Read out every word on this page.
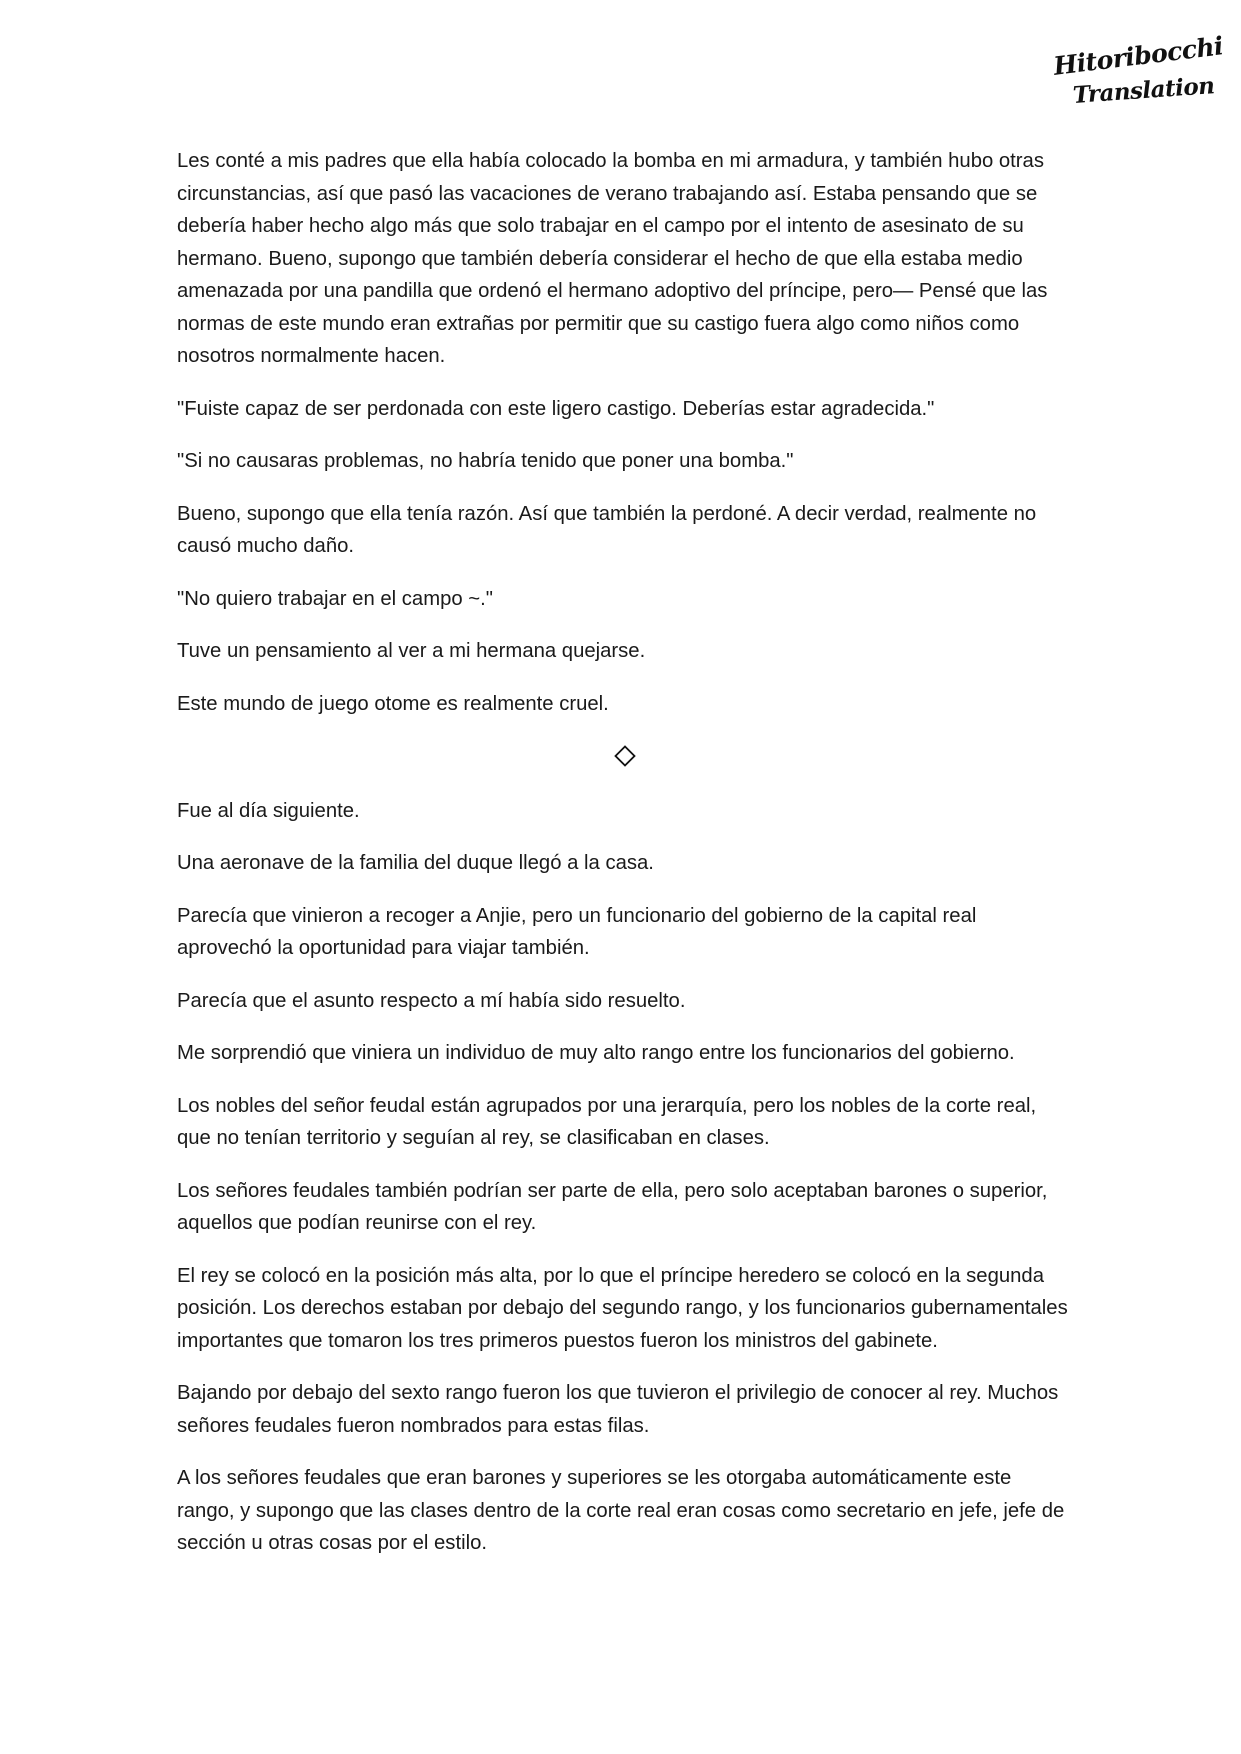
Hitoribocchi
Translation

Les conté a mis padres que ella había colocado la bomba en mi armadura, y también hubo otras circunstancias, así que pasó las vacaciones de verano trabajando así. Estaba pensando que se debería haber hecho algo más que solo trabajar en el campo por el intento de asesinato de su hermano. Bueno, supongo que también debería considerar el hecho de que ella estaba medio amenazada por una pandilla que ordenó el hermano adoptivo del príncipe, pero— Pensé que las normas de este mundo eran extrañas por permitir que su castigo fuera algo como niños como nosotros normalmente hacen.

"Fuiste capaz de ser perdonada con este ligero castigo. Deberías estar agradecida."

"Si no causaras problemas, no habría tenido que poner una bomba."

Bueno, supongo que ella tenía razón. Así que también la perdoné. A decir verdad, realmente no causó mucho daño.

"No quiero trabajar en el campo ~."

Tuve un pensamiento al ver a mi hermana quejarse.

Este mundo de juego otome es realmente cruel.

Fue al día siguiente.

Una aeronave de la familia del duque llegó a la casa.

Parecía que vinieron a recoger a Anjie, pero un funcionario del gobierno de la capital real aprovechó la oportunidad para viajar también.

Parecía que el asunto respecto a mí había sido resuelto.

Me sorprendió que viniera un individuo de muy alto rango entre los funcionarios del gobierno.

Los nobles del señor feudal están agrupados por una jerarquía, pero los nobles de la corte real, que no tenían territorio y seguían al rey, se clasificaban en clases.

Los señores feudales también podrían ser parte de ella, pero solo aceptaban barones o superior, aquellos que podían reunirse con el rey.

El rey se colocó en la posición más alta, por lo que el príncipe heredero se colocó en la segunda posición. Los derechos estaban por debajo del segundo rango, y los funcionarios gubernamentales importantes que tomaron los tres primeros puestos fueron los ministros del gabinete.

Bajando por debajo del sexto rango fueron los que tuvieron el privilegio de conocer al rey. Muchos señores feudales fueron nombrados para estas filas.

A los señores feudales que eran barones y superiores se les otorgaba automáticamente este rango, y supongo que las clases dentro de la corte real eran cosas como secretario en jefe, jefe de sección u otras cosas por el estilo.
